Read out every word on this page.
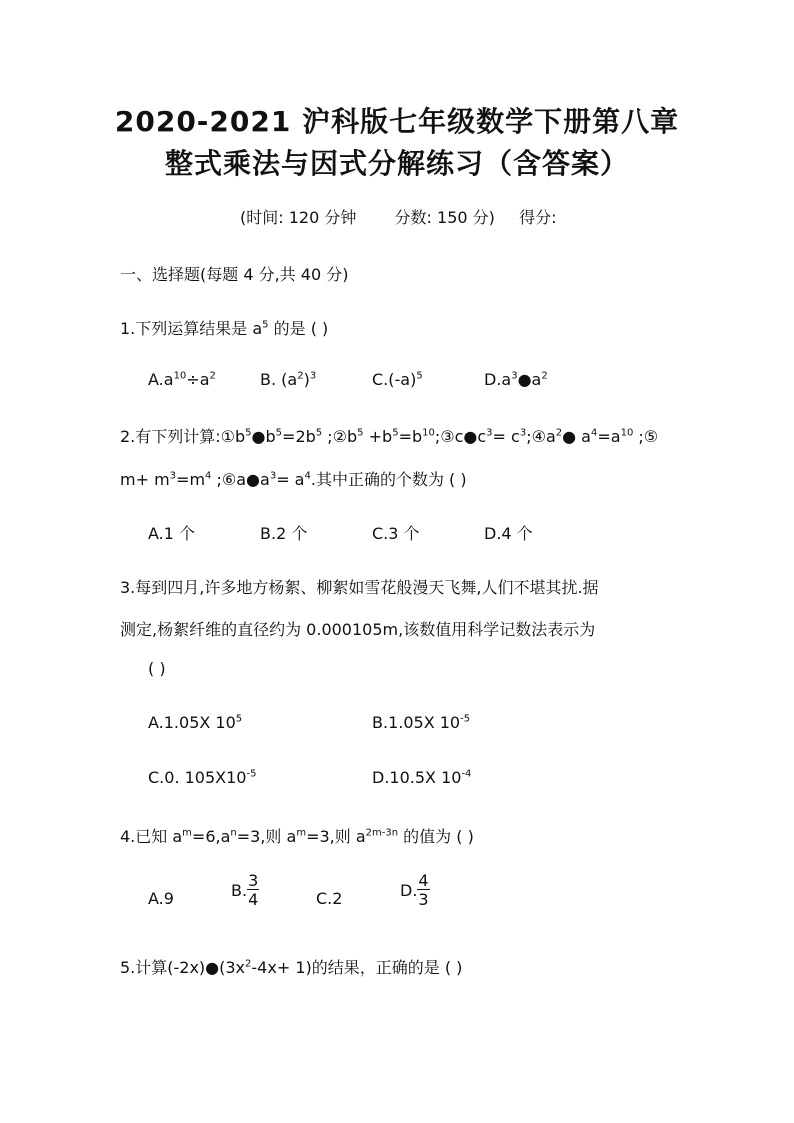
2020-2021 沪科版七年级数学下册第八章
整式乘法与因式分解练习（含答案）
(时间: 120 分钟 分数: 150 分) 得分:
一、选择题(每题 4 分,共 40 分)
1.下列运算结果是 $a^5$ 的是 ( )
$A.a^{10}\div a^2$	B. $(a^2)^3$	$C.(-a)^5$	$D.a^3●a^2$
2.有下列计算$:①b^5●b^5=2b^5$ $;②b^5$ $+b^5=b^{10};③c●c^3=$ $c^3;④a^2●$ $a^4=a^{10}$ ;⑤
$m+ m^3=m^4$ $;⑥a●a^3= a^4$.其中正确的个数为 ( )
A.1 个	B.2 个	C.3 个	D.4 个
3.每到四月,许多地方杨絮、柳絮如雪花般漫天飞舞,人们不堪其扰.据
测定,杨絮纤维的直径约为 0.000105m,该数值用科学记数法表示为
( )
A.1.05X $10^5$	B.1.05X $10^{-5}$
C.0. $105X10^{-5}$	D.10.5X $10^{-4}$
4.已知 $a^m=6,a^n=3$,则 $a^m=3$,则 $a^{2m-3n}$ 的值为 ( )
A.9	B. $\frac{3}{4}$	C.2	D. $\frac{4}{3}$
5.计算$(-2x)●(3x^2-4x+ 1)$的结果，正确的是 ( )
